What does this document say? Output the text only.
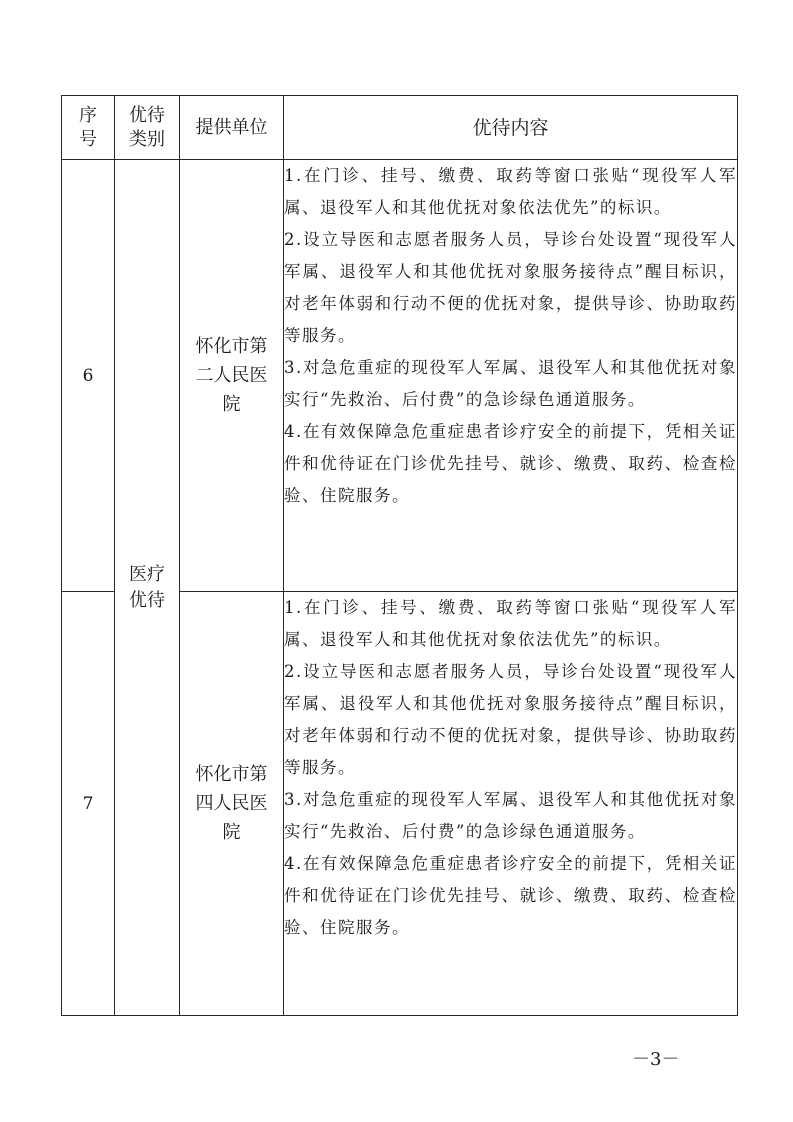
序号	优待类别	提供单位	优待内容
6	医疗优待	怀化市第二人民医院	1.在门诊、挂号、缴费、取药等窗口张贴“现役军人军属、退役军人和其他优抚对象依法优先”的标识。
2.设立导医和志愿者服务人员，导诊台处设置“现役军人军属、退役军人和其他优抚对象服务接待点”醒目标识，对老年体弱和行动不便的优抚对象，提供导诊、协助取药等服务。
3.对急危重症的现役军人军属、退役军人和其他优抚对象实行“先救治、后付费”的急诊绿色通道服务。
4.在有效保障急危重症患者诊疗安全的前提下，凭相关证件和优待证在门诊优先挂号、就诊、缴费、取药、检查检验、住院服务。

7		怀化市第四人民医院	1.在门诊、挂号、缴费、取药等窗口张贴“现役军人军属、退役军人和其他优抚对象依法优先”的标识。
2.设立导医和志愿者服务人员，导诊台处设置“现役军人军属、退役军人和其他优抚对象服务接待点”醒目标识，对老年体弱和行动不便的优抚对象，提供导诊、协助取药等服务。
3.对急危重症的现役军人军属、退役军人和其他优抚对象实行“先救治、后付费”的急诊绿色通道服务。
4.在有效保障急危重症患者诊疗安全的前提下，凭相关证件和优待证在门诊优先挂号、就诊、缴费、取药、检查检验、住院服务。
－3－
